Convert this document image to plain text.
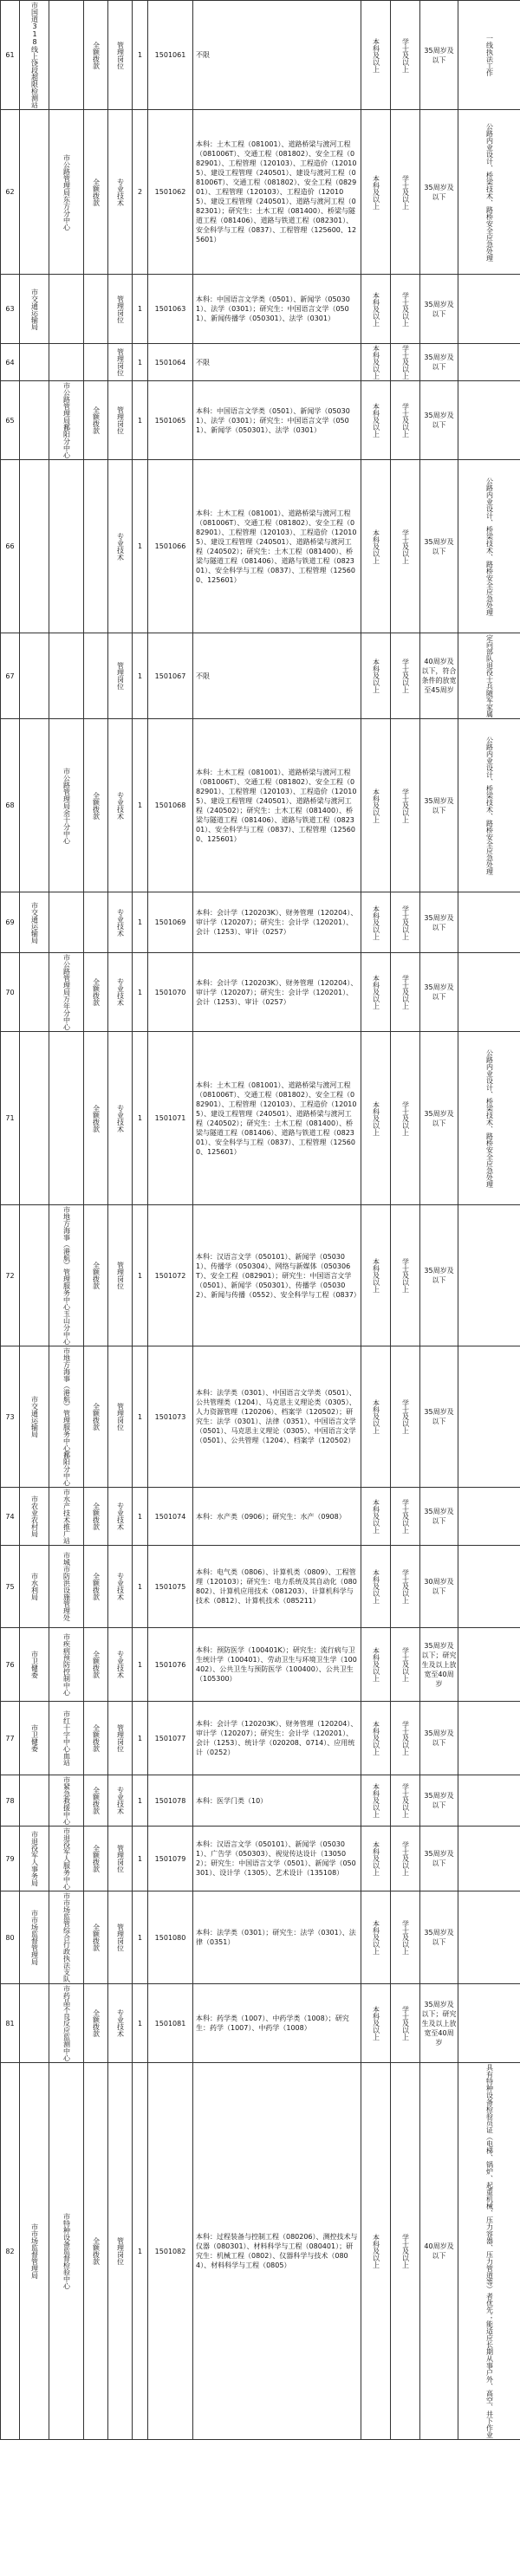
61	市国道318线上饶段超限检测站		全额拨款	管理岗位	1	1501061	不限	本科及以上	学士及以上	35周岁及以下	一线执法工作
62		市公路管理局东方分中心	全额拨款	专业技术	2	1501062	本科：土木工程（081001）、道路桥梁与渡河工程（081006T）、交通工程（081802）、安全工程（082901）、工程管理（120103）、工程造价（120105）、建设工程管理（240501）、建设与渡河工程（081006T）、交通工程（081802）、安全工程（082901）、工程管理（120103）、工程造价（120105）、建设工程管理（240501）、道路与渡河工程（082301）；研究生：土木工程（081400）、桥梁与隧道工程（081406）、道路与铁道工程（082301）、安全科学与工程（0837）、工程管理（125600、125601）	本科及以上	学士及以上	35周岁及以下	公路内业设计、桥梁技术、路桥安全应急处理
63	市交通运输局			管理岗位	1	1501063	本科：中国语言文学类（0501）、新闻学（050301）、法学（0301）；研究生：中国语言文学（0501）、新闻传播学（050301）、法学（0301）	本科及以上	学士及以上	35周岁及以下	
64				管理岗位	1	1501064	不限	本科及以上	学士及以上	35周岁及以下	
65		市公路管理局鄱阳分中心	全额拨款	管理岗位	1	1501065	本科：中国语言文学类（0501）、新闻学（050301）、法学（0301）；研究生：中国语言文学（0501）、新闻学（050301）、法学（0301）	本科及以上	学士及以上	35周岁及以下	
66				专业技术	1	1501066	本科：土木工程（081001）、道路桥梁与渡河工程（081006T）、交通工程（081802）、安全工程（082901）、工程管理（120103）、工程造价（120105）、建设工程管理（240501）、道路桥梁与渡河工程（240502）；研究生：土木工程（081400）、桥梁与隧道工程（081406）、道路与铁道工程（082301）、安全科学与工程（0837）、工程管理（125600、125601）	本科及以上	学士及以上	35周岁及以下	公路内业设计、桥梁技术、路桥安全应急处理
67				管理岗位	1	1501067	不限	本科及以上	学士及以上	40周岁及以下，符合条件的放宽至45周岁	定向部队退役士兵随军家属
68		市公路管理局余干分中心	全额拨款	专业技术	1	1501068	本科：土木工程（081001）、道路桥梁与渡河工程（081006T）、交通工程（081802）、安全工程（082901）、工程管理（120103）、工程造价（120105）、建设工程管理（240501）、道路桥梁与渡河工程（240502）；研究生：土木工程（081400）、桥梁与隧道工程（081406）、道路与铁道工程（082301）、安全科学与工程（0837）、工程管理（125600、125601）	本科及以上	学士及以上	35周岁及以下	公路内业设计、桥梁技术、路桥安全应急处理
69	市交通运输局			专业技术	1	1501069	本科：会计学（120203K）、财务管理（120204）、审计学（120207）；研究生：会计学（120201）、会计（1253）、审计（0257）	本科及以上	学士及以上	35周岁及以下	
70		市公路管理局万年分中心	全额拨款	专业技术	1	1501070	本科：会计学（120203K）、财务管理（120204）、审计学（120207）；研究生：会计学（120201）、会计（1253）、审计（0257）	本科及以上	学士及以上	35周岁及以下	
71			全额拨款	专业技术	1	1501071	本科：土木工程（081001）、道路桥梁与渡河工程（081006T）、交通工程（081802）、安全工程（082901）、工程管理（120103）、工程造价（120105）、建设工程管理（240501）、道路桥梁与渡河工程（240502）；研究生：土木工程（081400）、桥梁与隧道工程（081406）、道路与铁道工程（082301）、安全科学与工程（0837）、工程管理（125600、125601）	本科及以上	学士及以上	35周岁及以下	公路内业设计、桥梁技术、路桥安全应急处理
72		市地方海事（港航）管理服务中心玉山分中心	全额拨款	管理岗位	1	1501072	本科：汉语言文学（050101）、新闻学（050301）、传播学（050304）、网络与新媒体（050306T）、安全工程（082901）；研究生：中国语言文学（0501）、新闻学（050301）、传播学（050302）、新闻与传播（0552）、安全科学与工程（0837）	本科及以上	学士及以上	35周岁及以下	
73	市交通运输局	市地方海事（港航）管理服务中心鄱阳分中心	全额拨款	管理岗位	1	1501073	本科：法学类（0301）、中国语言文学类（0501）、公共管理类（1204）、马克思主义理论类（0305）、人力资源管理（120206）、档案学（120502）；研究生：法学（0301）、法律（0351）、中国语言文学（0501）、马克思主义理论（0305）、中国语言文学（0501）、公共管理（1204）、档案学（120502）	本科及以上	学士及以上	35周岁及以下	
74	市农业农村局	市水产技术推广站	全额拨款	专业技术	1	1501074	本科：水产类（0906）；研究生：水产（0908）	本科及以上	学士及以上	35周岁及以下	
75	市水利局	市城市防洪设施管理处	全额拨款	专业技术	1	1501075	本科：电气类（0806）、计算机类（0809）、工程管理（120103）；研究生：电力系统及其自动化（080802）、计算机应用技术（081203）、计算机科学与技术（0812）、计算机技术（085211）	本科及以上	学士及以上	30周岁及以下	
76	市卫健委	市疾病预防控制中心	全额拨款	专业技术	1	1501076	本科：预防医学（100401K）；研究生：流行病与卫生统计学（100401）、劳动卫生与环境卫生学（100402）、公共卫生与预防医学（100400）、公共卫生（105300）	本科及以上	学士及以上	35周岁及以下；研究生及以上放宽至40周岁	
77	市卫健委	市红十字中心血站	全额拨款	管理岗位	1	1501077	本科：会计学（120203K）、财务管理（120204）、审计学（120207）；研究生：会计学（120201）、会计（1253）、统计学（020208、0714）、应用统计（0252）	本科及以上	学士及以上	35周岁及以下	
78		市紧急救援中心	全额拨款	专业技术	1	1501078	本科：医学门类（10）	本科及以上	学士及以上	35周岁及以下	
79	市退役军人事务局	市退役军人服务中心	全额拨款	管理岗位	1	1501079	本科：汉语言文学（050101）、新闻学（050301）、广告学（050303）、视觉传达设计（130502）；研究生：中国语言文学（0501）、新闻学（050301）、设计学（1305）、艺术设计（135108）	本科及以上	学士及以上	35周岁及以下	
80	市市场监督管理局	市市场监管综合行政执法支队	全额拨款	管理岗位	1	1501080	本科：法学类（0301）；研究生：法学（0301）、法律（0351）	本科及以上	学士及以上	35周岁及以下	
81		市药品不良反应监测中心	全额拨款	专业技术	1	1501081	本科：药学类（1007）、中药学类（1008）；研究生：药学（1007）、中药学（1008）	本科及以上	学士及以上	35周岁及以下；研究生及以上放宽至40周岁	
82	市市场监督管理局	市特种设备监督检验中心	全额拨款	管理岗位	1	1501082	本科：过程装备与控制工程（080206）、测控技术与仪器（080301）、材料科学与工程（080401）；研究生：机械工程（0802）、仪器科学与技术（0804）、材料科学与工程（0805）	本科及以上	学士及以上	40周岁及以下	具有特种设备检验员证（电梯、锅炉、起重机械、压力容器、压力管道等）者优先；能适应长期从事户外、高空、井下作业
